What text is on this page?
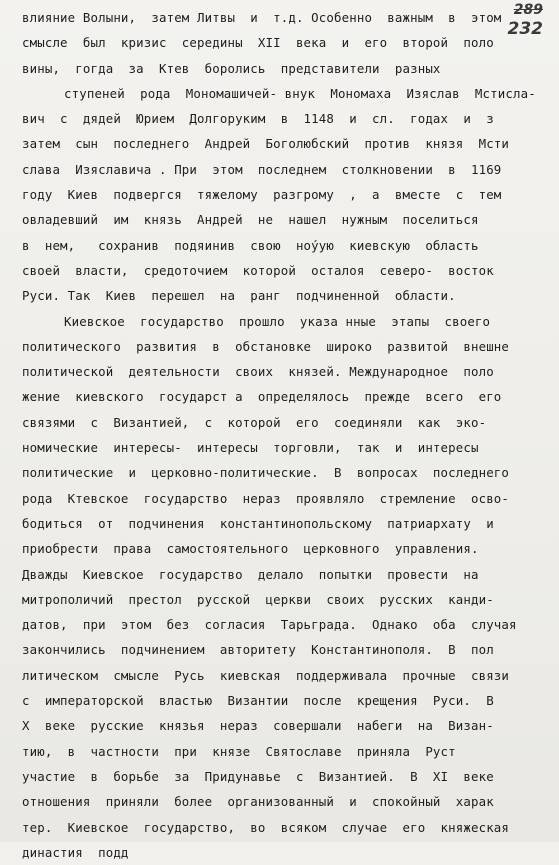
289
232
влияние Волыни,  затем Литвы  и  т.д. Особенно  важным  в  этом
смысле  был  кризис  середины  XII  века  и  его  второй  поло
вины,  гогда  за  Ктев  боролись  представители  разных
ступеней  рода  Мономашичей- внук  Мономаха  Изяслав  Мстисла-
вич  с  дядей  Юрием  Долгоруким  в  1148  и  сл.  годах  и  з
затем  сын  последнего  Андрей  Боголюбский  против  князя  Мсти
слава  Изяславича . При  этом  последнем  столкновении  в  1169
году  Киев  подвергся  тяжелому  разгрому  ,  а  вместе  с  тем
овладевший  им  князь  Андрей  не  нашел  нужным  поселиться
в  нем,   сохранив  подяинив  свою  ноýую  киевскую  область
своей  власти,  средоточием  которой  осталоя  северо-  восток
Руси. Так  Киев  перешел  на  ранг  подчиненной  области.
Киевское  государство  прошло  указа нные  этапы  своего
политического  развития  в  обстановке  широко  развитой  внешне
политической  деятельности  своих  князей. Международное  поло
жение  киевского  государст а  определялось  прежде  всего  его
связями  с  Византией,  с  которой  его  соединяли  как  эко-
номические  интересы-  интересы  торговли,  так  и  интересы
политические  и  церковно-политические.  В  вопросах  последнего
рода  Ктевское  государство  нераз  проявляло  стремление  осво-
бодиться  от  подчинения  константинопольскому  патриархату  и
приобрести  права  самостоятельного  церковного  управления.
Дважды  Киевское  государство  делало  попытки  провести  на
митрополичий  престол  русской  церкви  своих  русских  канди-
датов,  при  этом  без  согласия  Тарьграда.  Однако  оба  случая
закончились  подчинением  авторитету  Константинополя.  В  пол
литическом  смысле  Русь  киевская  поддерживала  прочные  связи
с  императорской  властью  Византии  после  крещения  Руси.  В
X  веке  русские  князья  нераз  совершали  набеги  на  Визан-
тию,  в  частности  при  князе  Святославе  приняла  Руст
участие  в  борьбе  за  Придунавье  с  Византией.  В  XI  веке
отношения  приняли  более  организованный  и  спокойный  харак
тер.  Киевское  государство,  во  всяком  случае  его  княжеская
династия  подд
